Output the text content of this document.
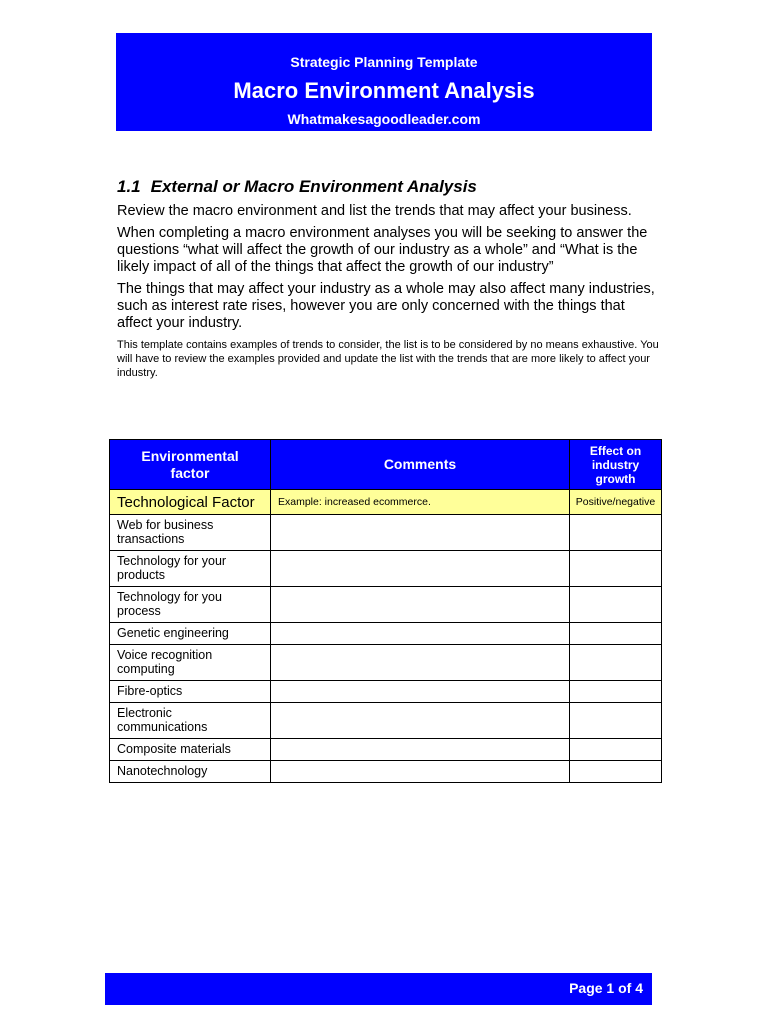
Strategic Planning Template
Macro Environment Analysis
Whatmakesagoodleader.com
1.1 External or Macro Environment Analysis

Review the macro environment and list the trends that may affect your business.

When completing a macro environment analyses you will be seeking to answer the questions “what will affect the growth of our industry as a whole” and “What is the likely impact of all of the things that affect the growth of our industry”

The things that may affect your industry as a whole may also affect many industries, such as interest rate rises, however you are only concerned with the things that affect your industry.

This template contains examples of trends to consider, the list is to be considered by no means exhaustive. You will have to review the examples provided and update the list with the trends that are more likely to affect your industry.

Environmental factor	Comments	Effect on industry growth
Technological Factor	Example: increased ecommerce.	Positive/negative
Web for business transactions		
Technology for your products		
Technology for you process		
Genetic engineering		
Voice recognition computing		
Fibre-optics		
Electronic communications		
Composite materials		
Nanotechnology		
Page 1 of 4
